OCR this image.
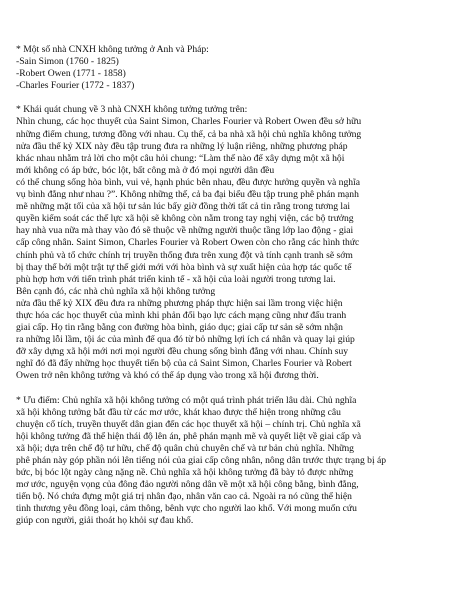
* Một số nhà CNXH không tưởng ở Anh và Pháp:
-Sain Simon (1760 - 1825)
-Robert Owen (1771 - 1858)
-Charles Fourier (1772 - 1837)
* Khái quát chung về 3 nhà CNXH không tưởng tưởng trên:
Nhìn chung, các học thuyết của Saint Simon, Charles Fourier và Robert Owen đều sở hữu
những điểm chung, tương đồng với nhau. Cụ thể, cả ba nhà xã hội chủ nghĩa không tưởng
nửa đầu thế kỷ XIX này đều tập trung đưa ra những lý luận riêng, những phương pháp
khác nhau nhằm trả lời cho một câu hỏi chung: “Làm thế nào để xây dựng một xã hội
mới không có áp bức, bóc lột, bất công mà ở đó mọi người dân đều
có thể chung sống hòa bình, vui vẻ, hạnh phúc bên nhau, đều được hưởng quyền và nghĩa
vụ bình đẳng như nhau ?”. Không những thế, cả ba đại biểu đều tập trung phê phán mạnh
mẽ những mặt tối của xã hội tư sản lúc bấy giờ đồng thời tất cả tin rằng trong tương lai
quyền kiểm soát các thế lực xã hội sẽ không còn nằm trong tay nghị viện, các bộ trưởng
hay nhà vua nữa mà thay vào đó sẽ thuộc về những người thuộc tầng lớp lao động - giai
cấp công nhân. Saint Simon, Charles Fourier và Robert Owen còn cho rằng các hình thức
chính phủ và tổ chức chính trị truyền thống đưa trên xung đột và tính cạnh tranh sẽ sớm
bị thay thế bởi một trật tự thế giới mới với hòa bình và sự xuất hiện của hợp tác quốc tế
phù hợp hơn với tiến trình phát triển kinh tế - xã hội của loài người trong tương lai.
Bên cạnh đó, các nhà chủ nghĩa xã hội không tưởng
nửa đầu thế kỷ XIX đều đưa ra những phương pháp thực hiện sai lầm trong việc hiện
thực hóa các học thuyết của mình khi phản đối bạo lực cách mạng cũng như đấu tranh
giai cấp. Họ tin rằng bằng con đường hòa bình, giáo dục; giai cấp tư sản sẽ sớm nhận
ra những lỗi lầm, tội ác của mình để qua đó từ bỏ những lợi ích cá nhân và quay lại giúp
đỡ xây dựng xã hội mới nơi mọi người đều chung sống bình đẳng với nhau. Chính suy
nghĩ đó đã đẩy những học thuyết tiến bộ của cả Saint Simon, Charles Fourier và Robert
Owen trở nên không tưởng và khó có thể áp dụng vào trong xã hội đương thời.
* Ưu điểm: Chủ nghĩa xã hội không tưởng có một quá trình phát triển lâu dài. Chủ nghĩa
xã hội không tưởng bắt đầu từ các mơ ước, khát khao được thể hiện trong những câu
chuyện cổ tích, truyền thuyết dân gian đến các học thuyết xã hội – chính trị. Chủ nghĩa xã
hội không tưởng đã thể hiện thái độ lên án, phê phán mạnh mẽ và quyết liệt về giai cấp và
xã hội; dựa trên chế độ tư hữu, chế độ quân chủ chuyên chế và tư bản chủ nghĩa. Những
phê phán này góp phần nói lên tiếng nói của giai cấp công nhân, nông dân trước thực trạng bị áp
bức, bị bóc lột ngày càng nặng nề. Chủ nghĩa xã hội không tưởng đã bày tỏ được những
mơ ước, nguyện vọng của đông đảo người nông dân về một xã hội công bằng, bình đẳng,
tiến bộ. Nó chứa đựng một giá trị nhân đạo, nhân văn cao cả. Ngoài ra nó cũng thể hiện
tinh thương yêu đồng loại, cảm thông, bênh vực cho người lao khổ. Với mong muốn cứu
giúp con người, giải thoát họ khỏi sự đau khổ.
